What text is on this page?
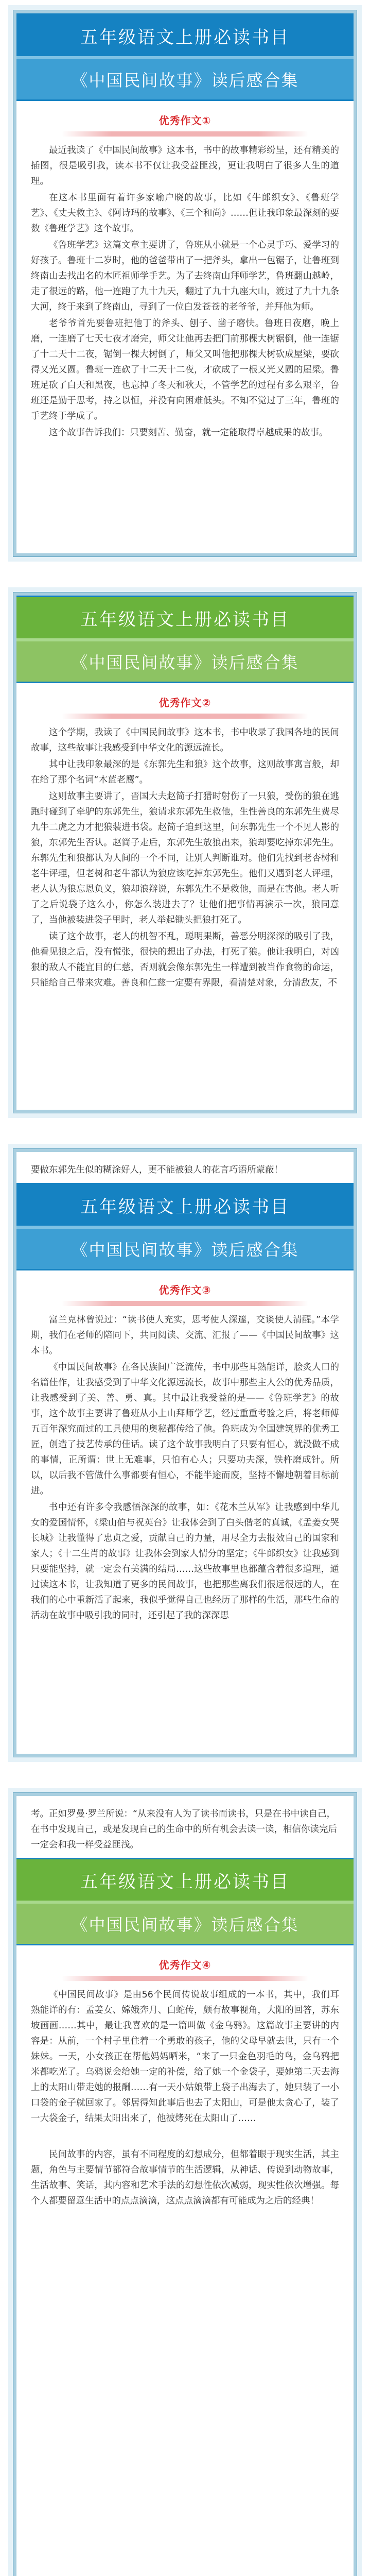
五年级语文上册必读书目
《中国民间故事》读后感合集
优秀作文①

最近我读了《中国民间故事》这本书，书中的故事精彩纷呈，还有精美的插图，很是吸引我，读本书不仅让我受益匪浅，更让我明白了很多人生的道理。

在这本书里面有着许多家喻户晓的故事，比如《牛郎织女》、《鲁班学艺》、《丈夫救主》、《阿诗玛的故事》、《三个和尚》……但让我印象最深刻的要数《鲁班学艺》这个故事。

《鲁班学艺》这篇文章主要讲了，鲁班从小就是一个心灵手巧、爱学习的好孩子。鲁班十二岁时，他的爸爸带出了一把斧头，拿出一包锯子，让鲁班到终南山去找出名的木匠祖师学手艺。为了去终南山拜师学艺，鲁班翻山越岭，走了很远的路，他一连跑了九十九天，翻过了九十九座大山，渡过了九十九条大河，终于来到了终南山，寻到了一位白发苍苍的老爷爷，并拜他为师。

老爷爷首先要鲁班把他丁的斧头、刨子、凿子磨快。鲁班日夜磨，晚上磨，一连磨了七天七夜才磨完，师父让他再去把门前那棵大树锯倒，他一连锯了十二天十二夜，锯倒一棵大树倒了，师父又叫他把那棵大树砍成屋梁，要砍得又光又圆。鲁班一连砍了十二天十二夜，才砍成了一根又光又圆的屋梁。鲁班足砍了白天和黑夜，也忘掉了冬天和秋天，不管学艺的过程有多么艰辛，鲁班还是勤于思考，持之以恒，并没有向困难低头。不知不觉过了三年，鲁班的手艺终于学成了。

这个故事告诉我们：只要刻苦、勤奋，就一定能取得卓越成果的故事。

五年级语文上册必读书目
《中国民间故事》读后感合集
优秀作文②

这个学期，我读了《中国民间故事》这本书，书中收录了我国各地的民间故事，这些故事让我感受到中华文化的源远流长。

其中让我印象最深的是《东郭先生和狼》这个故事，这则故事寓言般，却在给了那个名词“木蓝老鹰”。

这则故事主要讲了，晋国大夫赵简子打猎时射伤了一只狼，受伤的狼在逃跑时碰到了牵驴的东郭先生，狼请求东郭先生救他，生性善良的东郭先生费尽九牛二虎之力才把狼装进书袋。赵简子追到这里，问东郭先生一个不见人影的狼，东郭先生否认。赵简子走后，东郭先生放狼出来，狼却要吃掉东郭先生。东郭先生和狼都认为人间的一个不同，让别人判断谁对。他们先找到老杏树和老牛评理，但老树和老牛都认为狼应该吃掉东郭先生。他们又遇到老人评理，老人认为狼忘恩负义，狼却浪辩说，东郭先生不是救他，而是在害他。老人听了之后说袋子这么小，你怎么装进去了？让他们把事情再演示一次，狼同意了，当他被装进袋子里时，老人举起锄头把狼打死了。

读了这个故事，老人的机智不乱，聪明果断，善恶分明深深的吸引了我，他看见狼之后，没有慌张，很快的想出了办法，打死了狼。他让我明白，对凶狠的敌人不能宜目的仁慈，否则就会像东郭先生一样遭到被当作食物的命运，只能给自己带来灾难。善良和仁慈一定要有界限，看清楚对象，分清敌友，不

要做东郭先生似的糊涂好人，更不能被狼人的花言巧语所蒙蔽！
五年级语文上册必读书目
《中国民间故事》读后感合集
优秀作文③

富兰克林曾说过：“读书使人充实，思考使人深邃，交谈使人清醒。”本学期，我们在老师的陪同下，共同阅读、交流、汇报了——《中国民间故事》这本书。

《中国民间故事》在各民族间广泛流传，书中那些耳熟能详，脍炙人口的名篇佳作，让我感受到了中华文化源远流长，故事中那些主人公的优秀品质，让我感受到了美、善、勇、真。其中最让我受益的是——《鲁班学艺》的故事，这个故事主要讲了鲁班从小上山拜师学艺，经过重重考验之后，将老师傅五百年深究而过的工具使用的奥秘都传给了他。鲁班成为全国建筑界的优秀工匠，创造了技艺传承的佳话。读了这个故事我明白了只要有恒心，就没做不成的事情，正所谓：世上无难事，只怕有心人；只要功夫深，铁杵磨成针。所以，以后我不管做什么事都要有恒心，不能半途而废，坚持不懈地朝着目标前进。

书中还有许多令我感悟深深的故事，如：《花木兰从军》让我感到中华儿女的爱国情怀，《梁山伯与祝英台》让我体会到了白头偕老的真诚，《孟姜女哭长城》让我懂得了忠贞之爱，贡献自己的力量，用尽全力去报效自己的国家和家人；《十二生肖的故事》让我体会到家人情分的坚定；《牛郎织女》让我感到只要能坚持，就一定会有美满的结局……这些故事里也都蕴含着很多道理，通过读这本书，让我知道了更多的民间故事，也把那些离我们很远很远的人，在我们的心中重新活了起来，我似乎觉得自己也经历了那样的生活，那些生命的活动在故事中吸引我的同时，还引起了我的深深思

考。正如罗曼·罗兰所说：“从来没有人为了读书而读书，只是在书中读自己，在书中发现自己，或是发现自己的生命中的所有机会去读一读，相信你读完后一定会和我一样受益匪浅。
五年级语文上册必读书目
《中国民间故事》读后感合集
优秀作文④

《中国民间故事》是由56个民间传说故事组成的一本书，其中，我们耳熟能详的有：孟姜女、嫦娥奔月、白蛇传，颇有故事视角，大阳的回答，苏东坡画画……其中，最让我喜欢的是一篇叫做《金乌鸦》。这篇故事主要讲的内容是：从前，一个村子里住着一个勇敢的孩子，他的父母早就去世，只有一个妹妹。一天，小女孩正在帮他妈妈晒米，“来了一只金色羽毛的鸟，金乌鸦把米都吃光了。乌鸦说会给她一定的补偿，给了她一个金袋子，要她第二天去海上的太阳山带走她的报酬……有一天小姑娘带上袋子出海去了，她只装了一小口袋的金子就回家了。邻居得知此事后也去了太阳山，可是他太贪心了，装了一大袋金子，结果太阳出来了，他被烤死在太阳山了……

民间故事的内容，虽有不同程度的幻想成分，但都着眼于现实生活，其主题，角色与主要情节都符合故事情节的生活逻辑，从神话、传说到动物故事，生活故事、笑话，其内容和艺术手法的幻想性依次减弱，现实性依次增强。每个人都要留意生活中的点点滴滴，这点点滴滴都有可能成为之后的经典！
